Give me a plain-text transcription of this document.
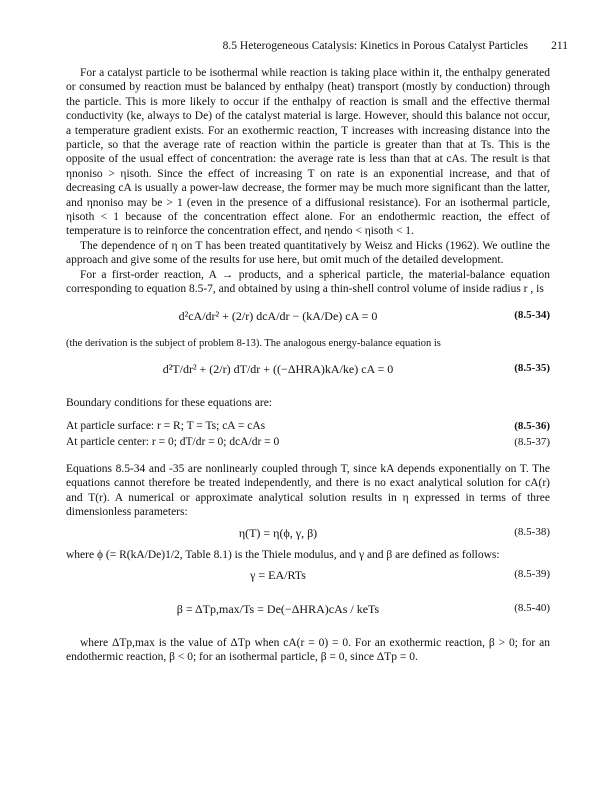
8.5 Heterogeneous Catalysis: Kinetics in Porous Catalyst Particles 211

For a catalyst particle to be isothermal while reaction is taking place within it, the enthalpy generated or consumed by reaction must be balanced by enthalpy (heat) transport (mostly by conduction) through the particle. This is more likely to occur if the enthalpy of reaction is small and the effective thermal conductivity (ke, always to De) of the catalyst material is large. However, should this balance not occur, a temperature gradient exists. For an exothermic reaction, T increases with increasing distance into the particle, so that the average rate of reaction within the particle is greater than that at Ts. This is the opposite of the usual effect of concentration: the average rate is less than that at cAs. The result is that ηnoniso > ηisoth. Since the effect of increasing T on rate is an exponential increase, and that of decreasing cA is usually a power-law decrease, the former may be much more significant than the latter, and ηnoniso may be > 1 (even in the presence of a diffusional resistance). For an isothermal particle, ηisoth < 1 because of the concentration effect alone. For an endothermic reaction, the effect of temperature is to reinforce the concentration effect, and ηendo < ηisoth < 1.

The dependence of η on T has been treated quantitatively by Weisz and Hicks (1962). We outline the approach and give some of the results for use here, but omit much of the detailed development.

For a first-order reaction, A → products, and a spherical particle, the material-balance equation corresponding to equation 8.5-7, and obtained by using a thin-shell control volume of inside radius r , is

d²cA/dr² + (2/r) dcA/dr − (kA/De) cA = 0	(8.5-34)

(the derivation is the subject of problem 8-13). The analogous energy-balance equation is

d²T/dr² + (2/r) dT/dr + ((−ΔHRA)kA/ke) cA = 0	(8.5-35)

Boundary conditions for these equations are:

At particle surface: r = R; T = Ts; cA = cAs	(8.5-36)
At particle center: r = 0; dT/dr = 0; dcA/dr = 0	(8.5-37)

Equations 8.5-34 and -35 are nonlinearly coupled through T, since kA depends exponentially on T. The equations cannot therefore be treated independently, and there is no exact analytical solution for cA(r) and T(r). A numerical or approximate analytical solution results in η expressed in terms of three dimensionless parameters:

η(T) = η(ϕ, γ, β)	(8.5-38)

where ϕ (= R(kA/De)1/2, Table 8.1) is the Thiele modulus, and γ and β are defined as follows:

γ = EA/RTs	(8.5-39)
β = ΔTp,max/Ts = De(−ΔHRA)cAs / keTs	(8.5-40)

where ΔTp,max is the value of ΔTp when cA(r = 0) = 0. For an exothermic reaction, β > 0; for an endothermic reaction, β < 0; for an isothermal particle, β = 0, since ΔTp = 0.
